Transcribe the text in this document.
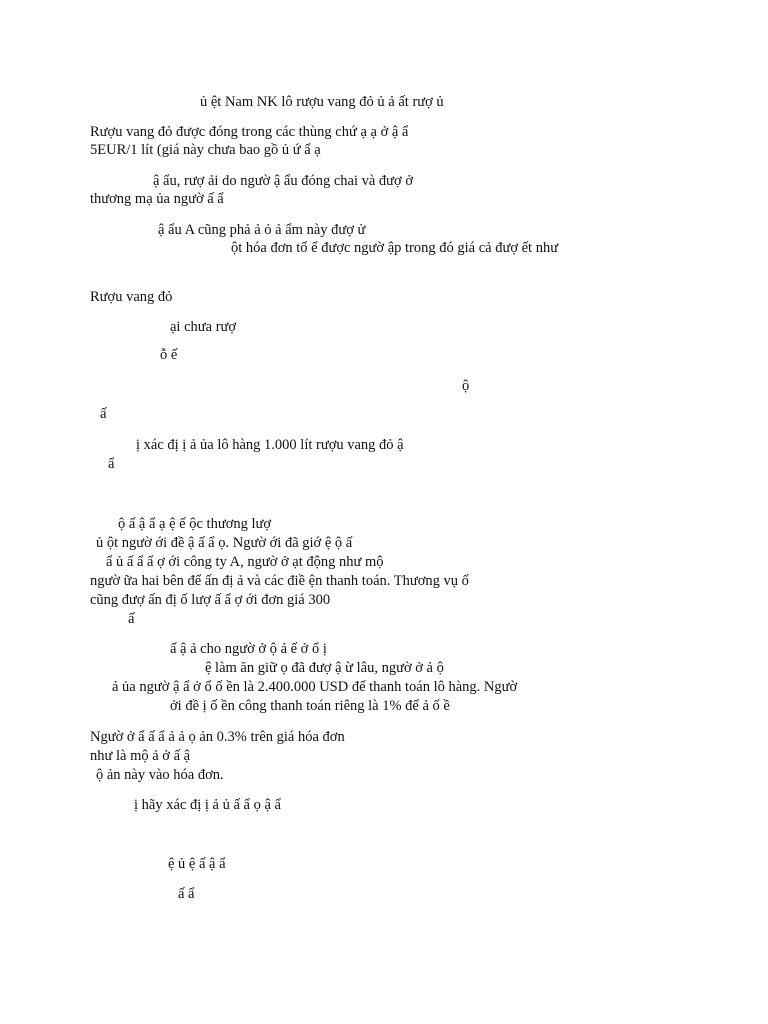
ủ ệt Nam NK lô rượu vang đỏ ủ ả ất rượ ủ
Rượu vang đỏ được đóng trong các thùng chứ ạ ạ ở ậ ẩ
5EUR/1 lít (giá này chưa bao gồ ủ ứ ẩ ạ
ậ ẩu, rượ ải do ngườ ậ ẩu đóng chai và đượ ở
thương mạ ủa ngườ ấ ẩ
ậ ẩu A cũng phả ả ỏ ả ẩm này đượ ử
ột hóa đơn tổ ể được ngườ ập trong đó giá cả đượ ết như
Rượu vang đỏ
ại chưa rượ
ỗ ế
ộ
ấ
ị xác đị ị ả ủa lô hàng 1.000 lít rượu vang đỏ ậ
ẩ
ộ ấ ậ ẩ ạ ệ ế ộc thương lượ
ủ ột ngườ ới đề ậ ấ ẩ ọ. Ngườ ới đã giớ ệ ộ ấ
ẩ ủ ấ ẩ ẩ ợ ới công ty A, ngườ ở ạt động như mộ
ngườ ữa hai bên để ấn đị ả và các điề ện thanh toán. Thương vụ ố
cũng đượ ấn đị ố lượ ấ ẩ ợ ới đơn giá 300
ấ
ấ ậ ả cho ngườ ở ộ ả ế ở ổ ị
ệ làm ăn giữ ọ đã đượ ậ ừ lâu, ngườ ở ả ộ
ả ủa ngườ ậ ẩ ở ổ ố ền là 2.400.000 USD để thanh toán lô hàng. Ngườ
ởi đề ị ố ền công thanh toán riêng là 1% để ả ố ề
Ngườ ở ẩ ấ ẩ ả ả ọ ản 0.3% trên giá hóa đơn
như là mộ ả ở ấ ậ
ộ ản này vào hóa đơn.
ị hãy xác đị ị ả ủ ấ ẩ ọ ậ ẩ
ệ ủ ệ ấ ậ ẩ
ấ ẩ
